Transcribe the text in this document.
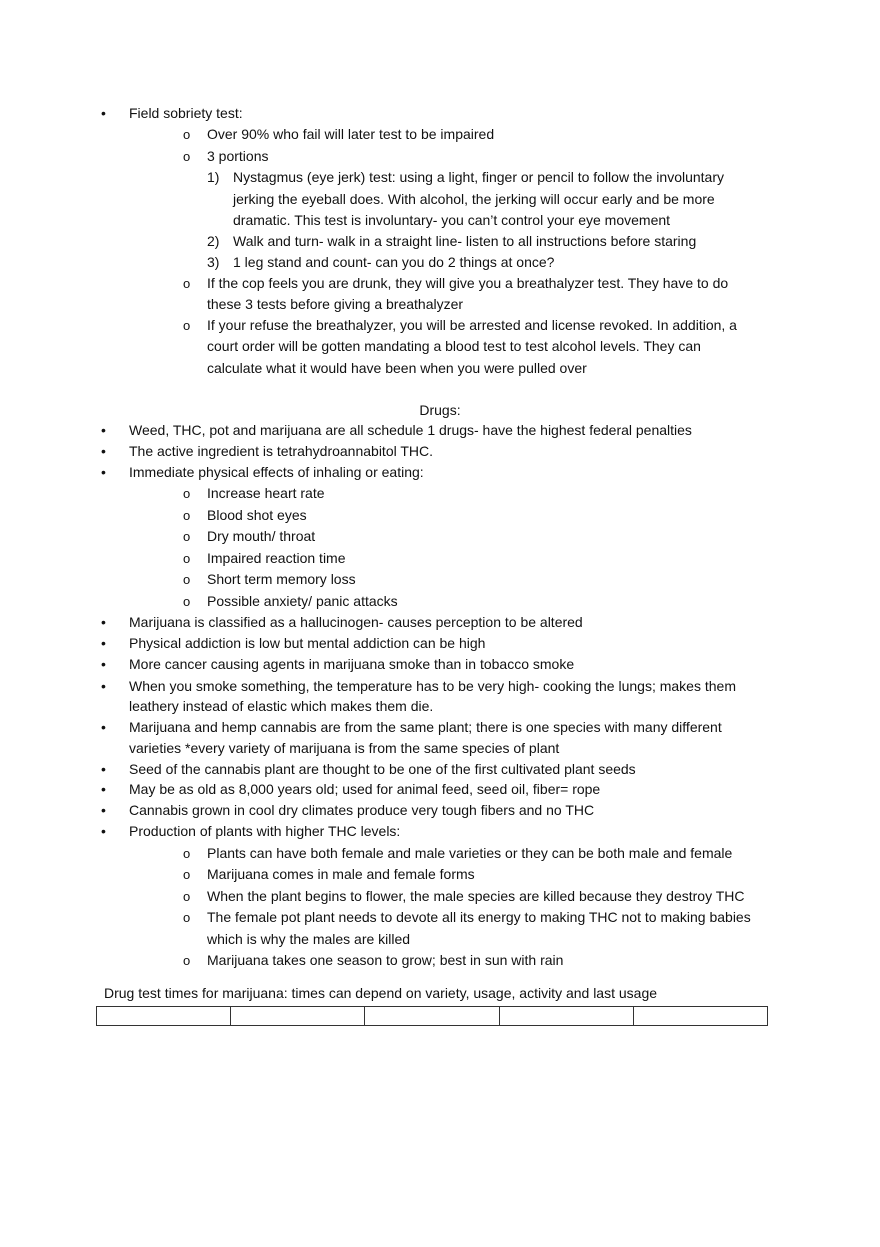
• Field sobriety test:
o Over 90% who fail will later test to be impaired
o 3 portions
1) Nystagmus (eye jerk) test: using a light, finger or pencil to follow the involuntary
jerking the eyeball does. With alcohol, the jerking will occur early and be more
dramatic. This test is involuntary- you can’t control your eye movement
2) Walk and turn- walk in a straight line- listen to all instructions before staring
3) 1 leg stand and count- can you do 2 things at once?
o If the cop feels you are drunk, they will give you a breathalyzer test. They have to do
these 3 tests before giving a breathalyzer
o If your refuse the breathalyzer, you will be arrested and license revoked. In addition, a
court order will be gotten mandating a blood test to test alcohol levels. They can
calculate what it would have been when you were pulled over
Drugs:
• Weed, THC, pot and marijuana are all schedule 1 drugs- have the highest federal penalties
• The active ingredient is tetrahydroannabitol THC.
• Immediate physical effects of inhaling or eating:
o Increase heart rate
o Blood shot eyes
o Dry mouth/ throat
o Impaired reaction time
o Short term memory loss
o Possible anxiety/ panic attacks
• Marijuana is classified as a hallucinogen- causes perception to be altered
• Physical addiction is low but mental addiction can be high
• More cancer causing agents in marijuana smoke than in tobacco smoke
• When you smoke something, the temperature has to be very high- cooking the lungs; makes them
leathery instead of elastic which makes them die.
• Marijuana and hemp cannabis are from the same plant; there is one species with many different
varieties *every variety of marijuana is from the same species of plant
• Seed of the cannabis plant are thought to be one of the first cultivated plant seeds
• May be as old as 8,000 years old; used for animal feed, seed oil, fiber= rope
• Cannabis grown in cool dry climates produce very tough fibers and no THC
• Production of plants with higher THC levels:
o Plants can have both female and male varieties or they can be both male and female
o Marijuana comes in male and female forms
o When the plant begins to flower, the male species are killed because they destroy THC
o The female pot plant needs to devote all its energy to making THC not to making babies
which is why the males are killed
o Marijuana takes one season to grow; best in sun with rain
Drug test times for marijuana: times can depend on variety, usage, activity and last usage
